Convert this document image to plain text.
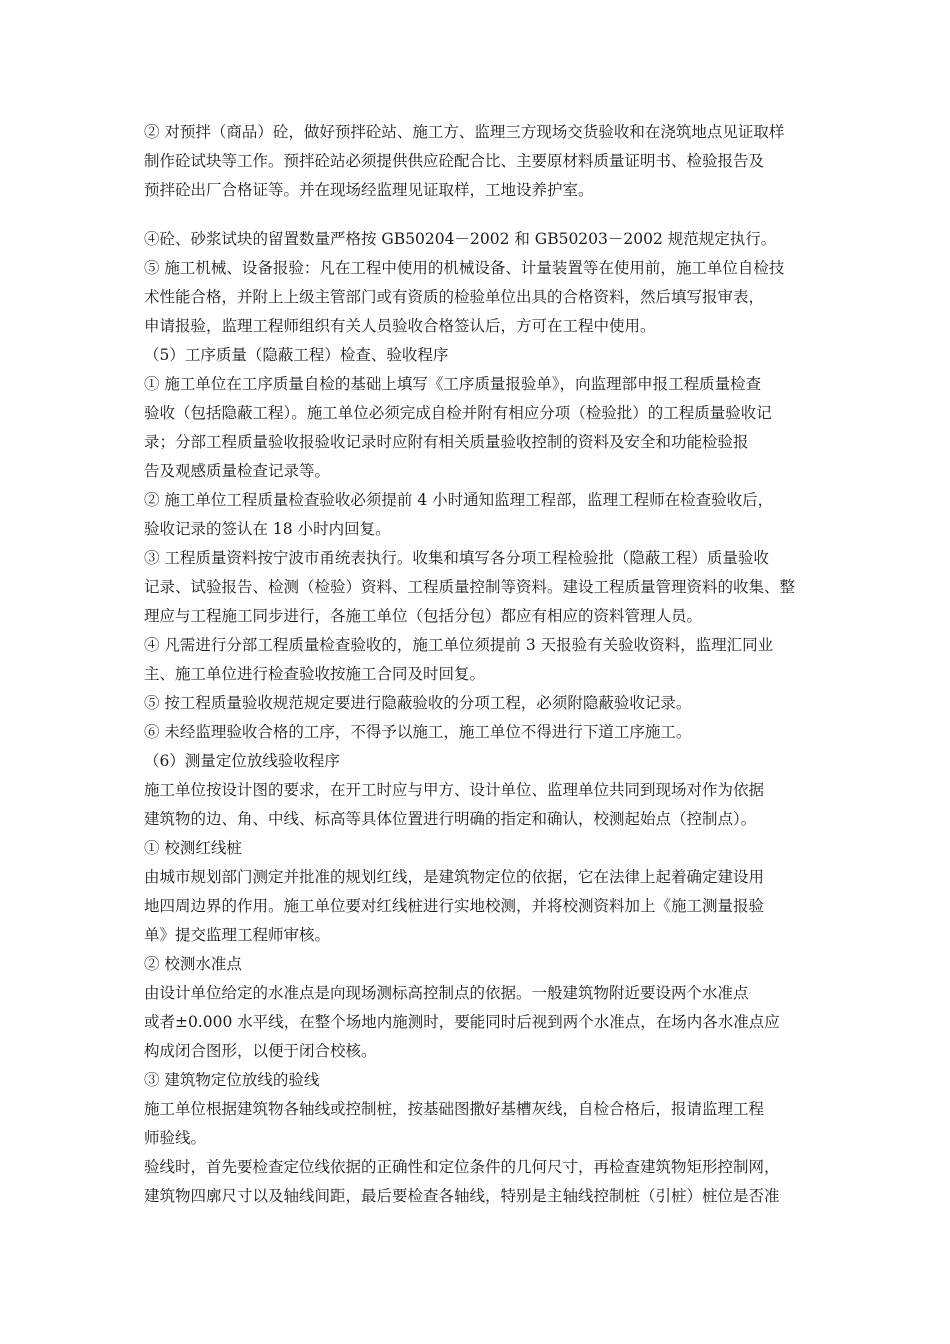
② 对预拌（商品）砼，做好预拌砼站、施工方、监理三方现场交货验收和在浇筑地点见证取样
制作砼试块等工作。预拌砼站必须提供供应砼配合比、主要原材料质量证明书、检验报告及
预拌砼出厂合格证等。并在现场经监理见证取样，工地设养护室。
④砼、砂浆试块的留置数量严格按 GB50204－2002 和 GB50203－2002 规范规定执行。
⑤ 施工机械、设备报验：凡在工程中使用的机械设备、计量装置等在使用前，施工单位自检技
术性能合格，并附上上级主管部门或有资质的检验单位出具的合格资料，然后填写报审表，
申请报验，监理工程师组织有关人员验收合格签认后，方可在工程中使用。
（5）工序质量（隐蔽工程）检查、验收程序
① 施工单位在工序质量自检的基础上填写《工序质量报验单》，向监理部申报工程质量检查
验收（包括隐蔽工程）。施工单位必须完成自检并附有相应分项（检验批）的工程质量验收记
录；分部工程质量验收报验收记录时应附有相关质量验收控制的资料及安全和功能检验报
告及观感质量检查记录等。
② 施工单位工程质量检查验收必须提前 4 小时通知监理工程部，监理工程师在检查验收后，
验收记录的签认在 18 小时内回复。
③ 工程质量资料按宁波市甬统表执行。收集和填写各分项工程检验批（隐蔽工程）质量验收
记录、试验报告、检测（检验）资料、工程质量控制等资料。建设工程质量管理资料的收集、整
理应与工程施工同步进行，各施工单位（包括分包）都应有相应的资料管理人员。
④ 凡需进行分部工程质量检查验收的，施工单位须提前 3 天报验有关验收资料，监理汇同业
主、施工单位进行检查验收按施工合同及时回复。
⑤ 按工程质量验收规范规定要进行隐蔽验收的分项工程，必须附隐蔽验收记录。
⑥ 未经监理验收合格的工序，不得予以施工，施工单位不得进行下道工序施工。
（6）测量定位放线验收程序
施工单位按设计图的要求，在开工时应与甲方、设计单位、监理单位共同到现场对作为依据
建筑物的边、角、中线、标高等具体位置进行明确的指定和确认，校测起始点（控制点）。
① 校测红线桩
由城市规划部门测定并批准的规划红线，是建筑物定位的依据，它在法律上起着确定建设用
地四周边界的作用。施工单位要对红线桩进行实地校测，并将校测资料加上《施工测量报验
单》提交监理工程师审核。
② 校测水准点
由设计单位给定的水准点是向现场测标高控制点的依据。一般建筑物附近要设两个水准点
或者±0.000 水平线，在整个场地内施测时，要能同时后视到两个水准点，在场内各水准点应
构成闭合图形，以便于闭合校核。
③ 建筑物定位放线的验线
施工单位根据建筑物各轴线或控制桩，按基础图撒好基槽灰线，自检合格后，报请监理工程
师验线。
验线时，首先要检查定位线依据的正确性和定位条件的几何尺寸，再检查建筑物矩形控制网，
建筑物四廓尺寸以及轴线间距，最后要检查各轴线，特别是主轴线控制桩（引桩）桩位是否准
